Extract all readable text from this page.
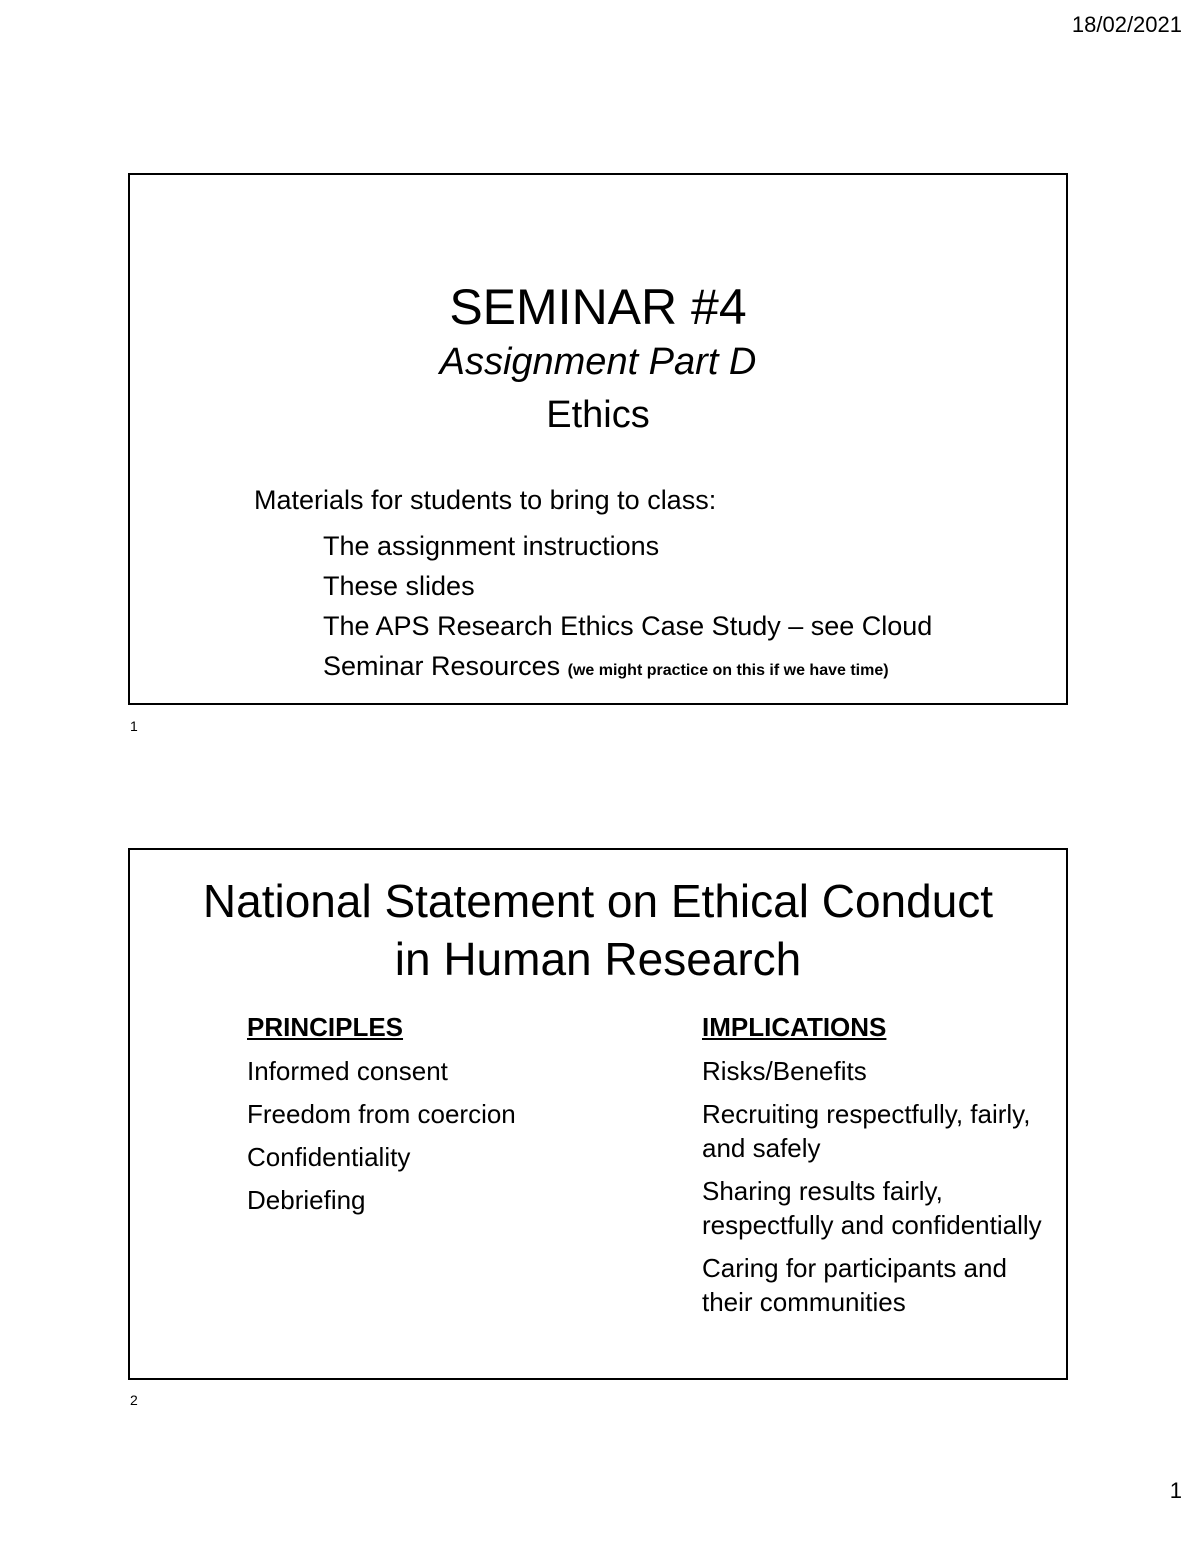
18/02/2021
SEMINAR #4
Assignment Part D
Ethics
Materials for students to bring to class:
The assignment instructions
These slides
The APS Research Ethics Case Study – see Cloud
Seminar Resources (we might practice on this if we have time)
1
National Statement on Ethical Conduct
in Human Research
PRINCIPLES
Informed consent
Freedom from coercion
Confidentiality
Debriefing
IMPLICATIONS
Risks/Benefits
Recruiting respectfully, fairly, and safely
Sharing results fairly, respectfully and confidentially
Caring for participants and their communities
2
1
